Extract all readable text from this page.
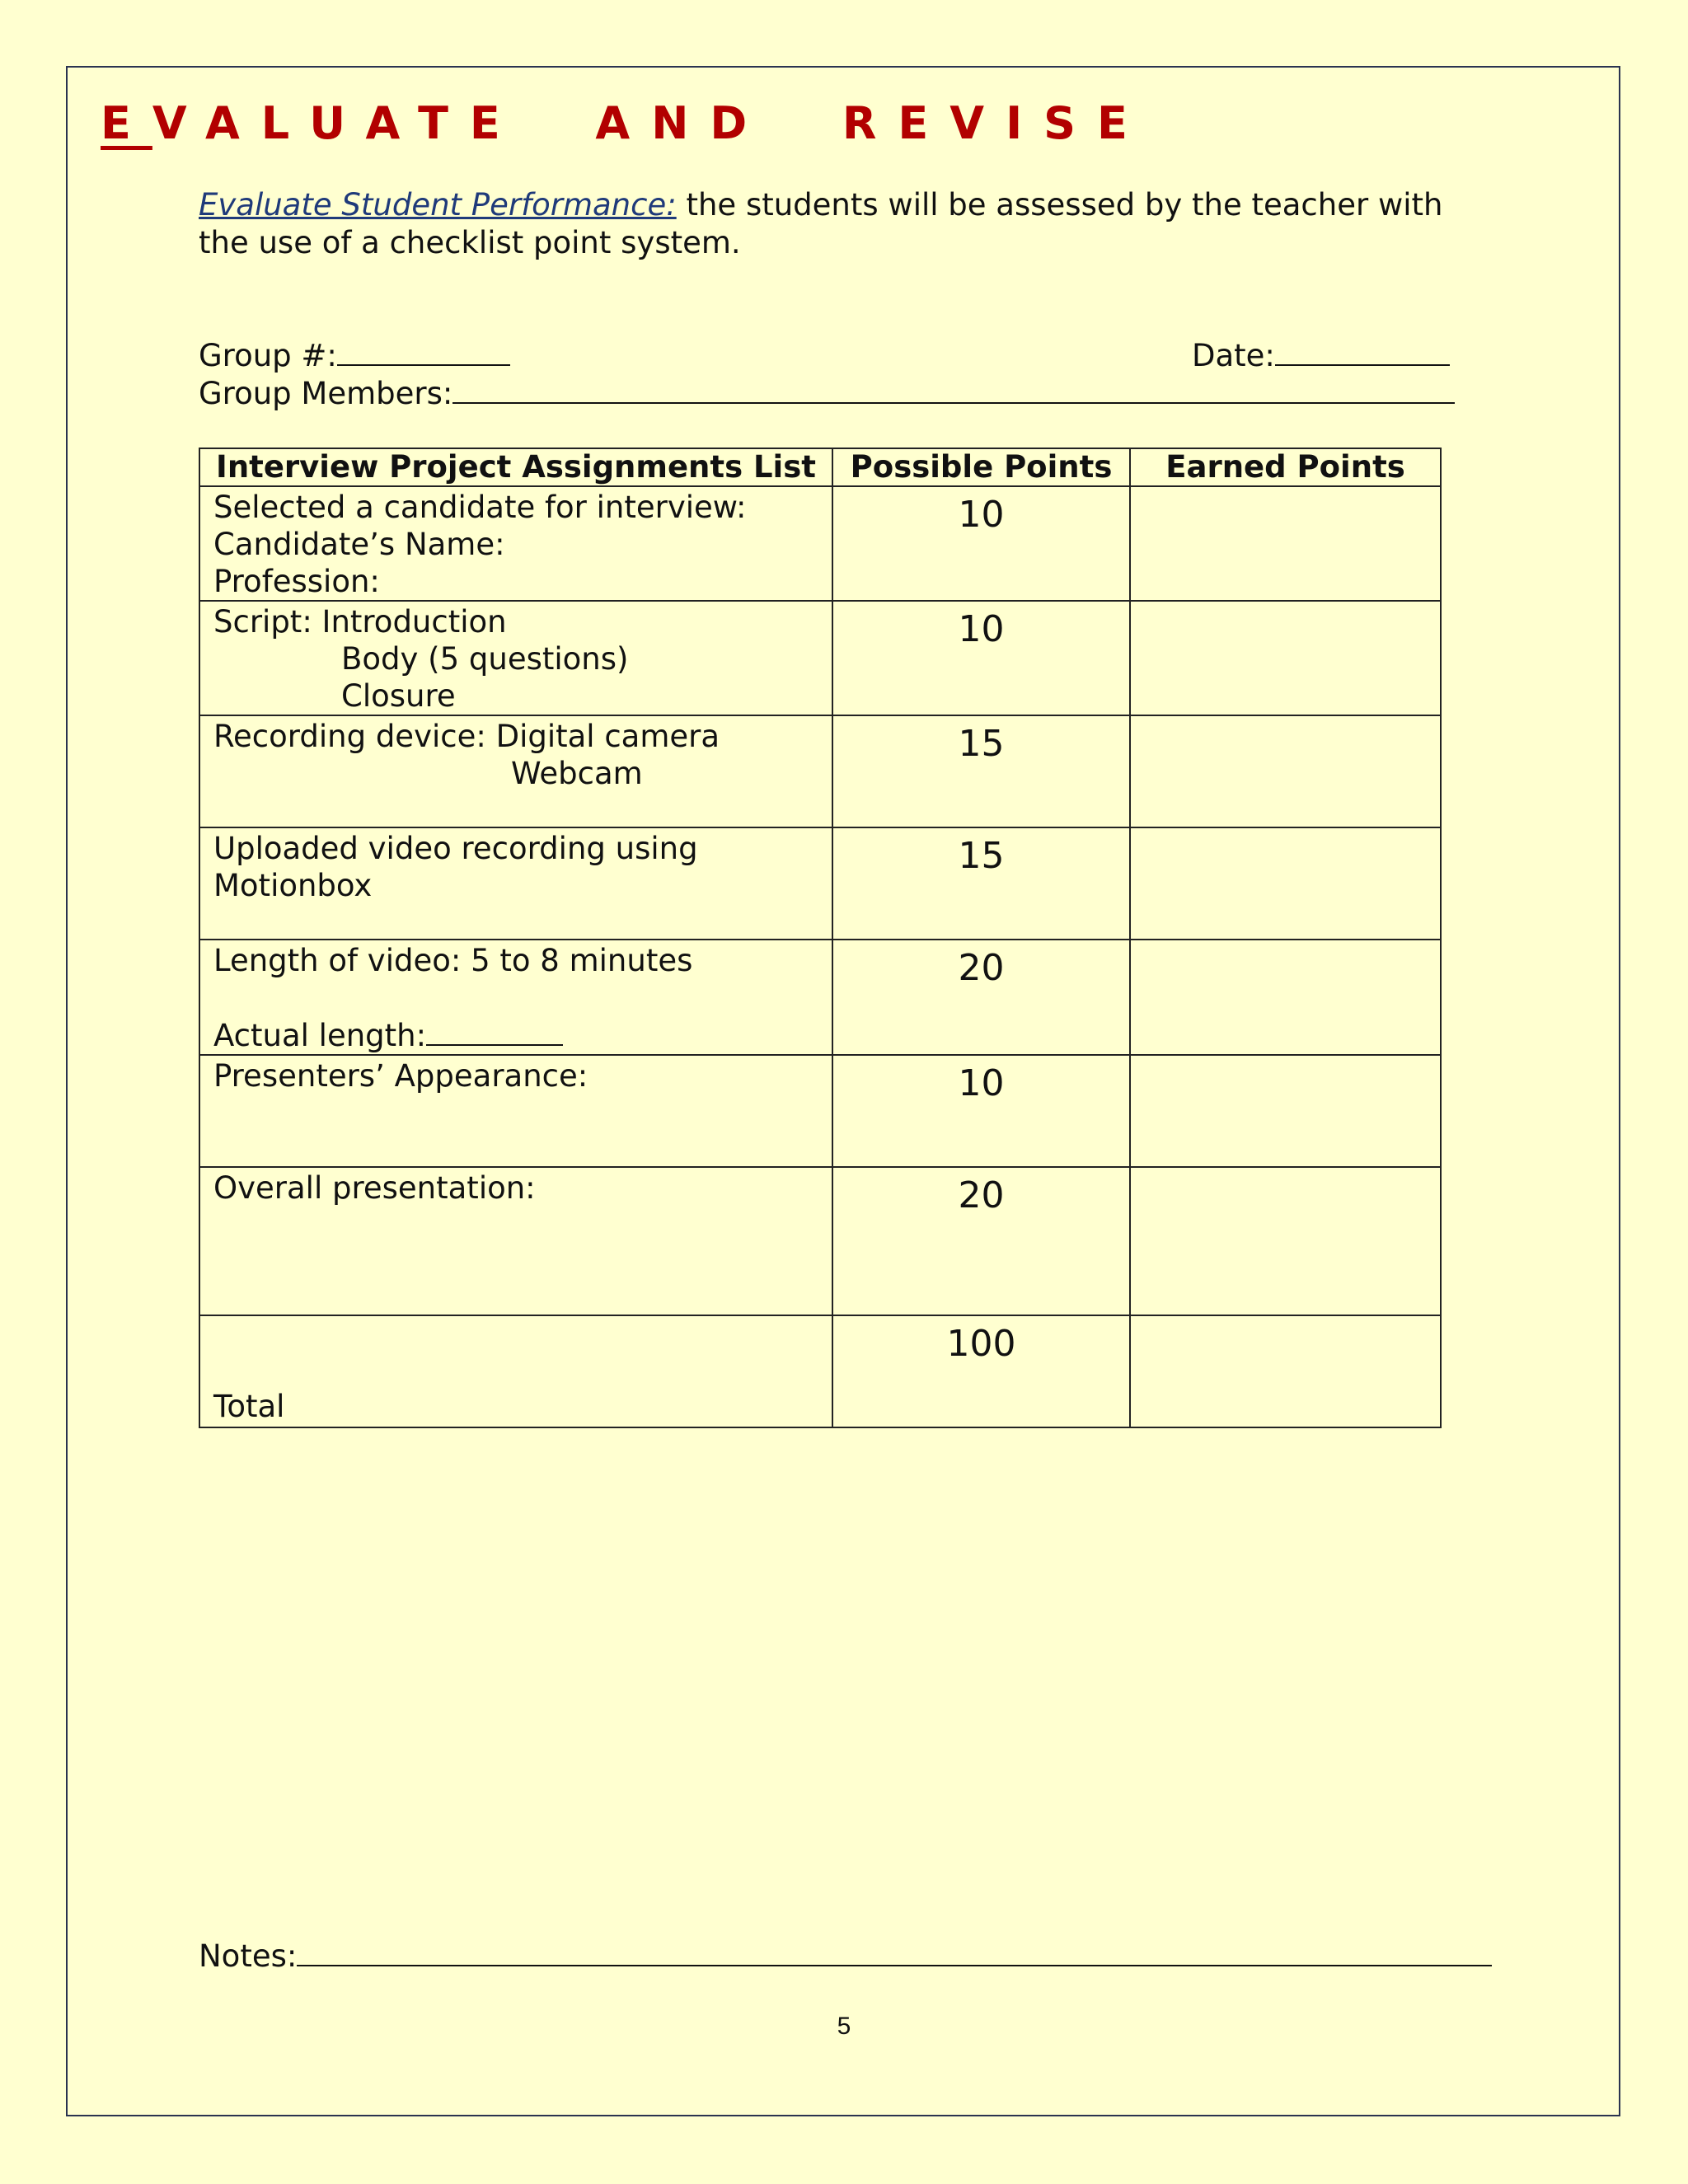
EVALUATE  AND  REVISE

Evaluate Student Performance: the students will be assessed by the teacher with the use of a checklist point system.

Group #:	Date:
Group Members:
Interview Project Assignments List	Possible Points	Earned Points

Selected a candidate for interview:
Candidate’s Name:
Profession:	10	

Script: Introduction
Body (5 questions)
Closure	10	

Recording device: Digital camera
Webcam	15	

Uploaded video recording using
Motionbox	15	

Length of video: 5 to 8 minutes
Actual length:	20	

Presenters’ Appearance:	10	

Overall presentation:	20	

Total	100	
Notes:
5
